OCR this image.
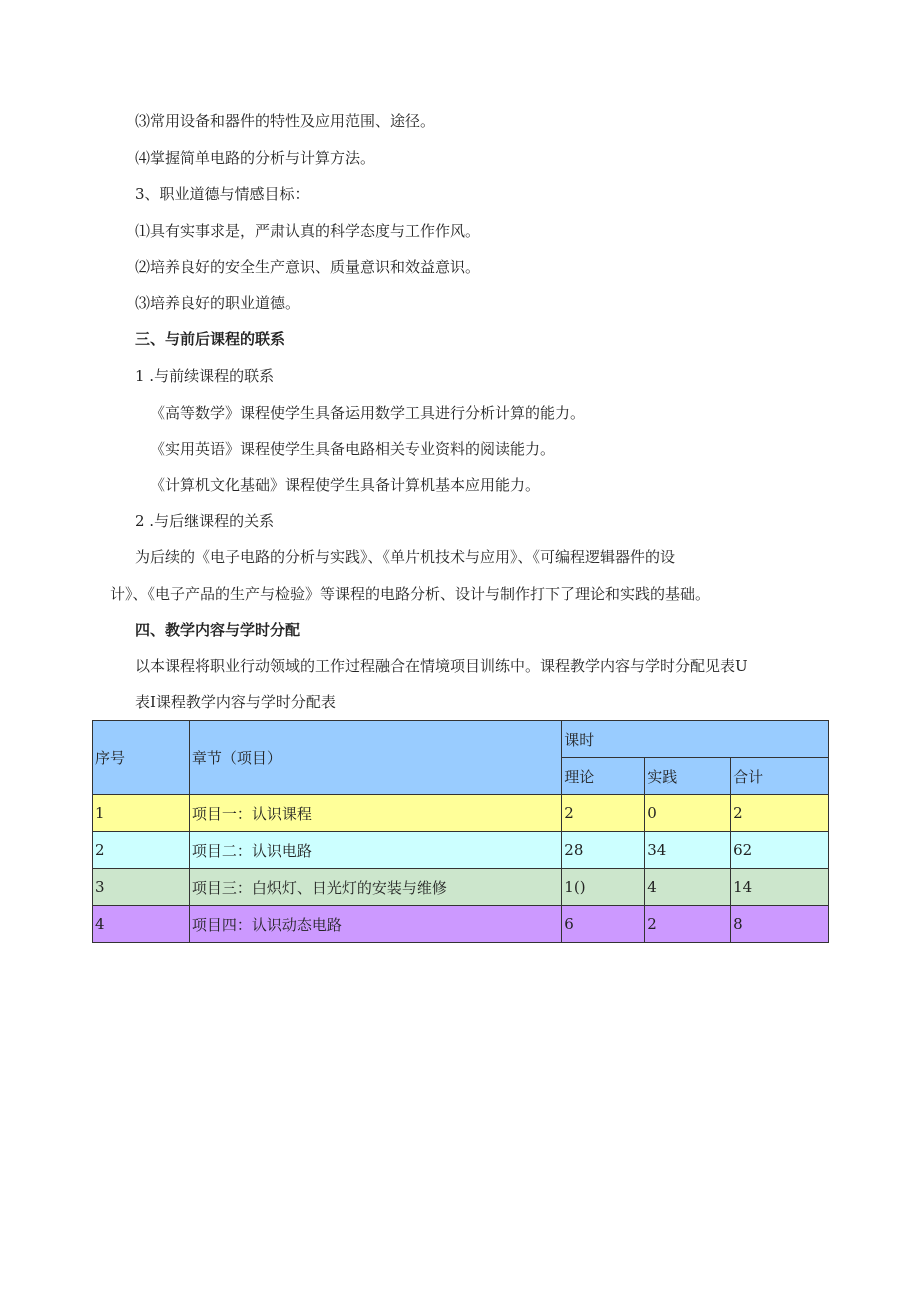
⑶常用设备和器件的特性及应用范围、途径。
⑷掌握简单电路的分析与计算方法。
3、职业道德与情感目标：
⑴具有实事求是，严肃认真的科学态度与工作作风。
⑵培养良好的安全生产意识、质量意识和效益意识。
⑶培养良好的职业道德。
三、与前后课程的联系
1 .与前续课程的联系
《高等数学》课程使学生具备运用数学工具进行分析计算的能力。
《实用英语》课程使学生具备电路相关专业资料的阅读能力。
《计算机文化基础》课程使学生具备计算机基本应用能力。
2 .与后继课程的关系
为后续的《电子电路的分析与实践》、《单片机技术与应用》、《可编程逻辑器件的设
计》、《电子产品的生产与检验》等课程的电路分析、设计与制作打下了理论和实践的基础。
四、教学内容与学时分配
以本课程将职业行动领域的工作过程融合在情境项目训练中。课程教学内容与学时分配见表U
表I课程教学内容与学时分配表
序号	章节（项目）	课时		
		理论	实践	合计
1	项目一：认识课程	2	0	2
2	项目二：认识电路	28	34	62
3	项目三：白炽灯、日光灯的安装与维修	1()	4	14
4	项目四：认识动态电路	6	2	8
